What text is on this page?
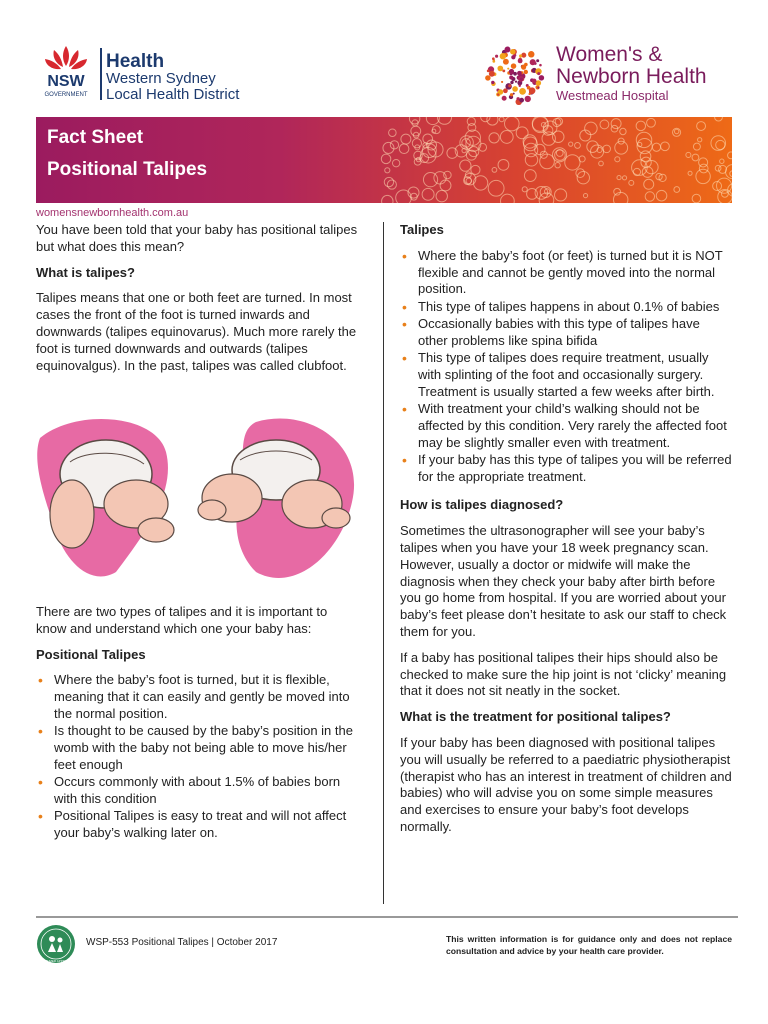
NSW
GOVERNMENT
Health
Western Sydney
Local Health District
Women's &
Newborn Health
Westmead Hospital
Fact Sheet
Positional Talipes
womensnewbornhealth.com.au

You have been told that your baby has positional talipes but what does this mean?

What is talipes?

Talipes means that one or both feet are turned. In most cases the front of the foot is turned inwards and downwards (talipes equinovarus). Much more rarely the foot is turned downwards and outwards (talipes equinovalgus). In the past, talipes was called clubfoot.

There are two types of talipes and it is important to know and understand which one your baby has:

Positional Talipes
• Where the baby’s foot is turned, but it is flexible, meaning that it can easily and gently be moved into the normal position.
• Is thought to be caused by the baby’s position in the womb with the baby not being able to move his/her feet enough
• Occurs commonly with about 1.5% of babies born with this condition
• Positional Talipes is easy to treat and will not affect your baby’s walking later on.
Talipes
• Where the baby’s foot (or feet) is turned but it is NOT flexible and cannot be gently moved into the normal position.
• This type of talipes happens in about 0.1% of babies
• Occasionally babies with this type of talipes have other problems like spina bifida
• This type of talipes does require treatment, usually with splinting of the foot and occasionally surgery. Treatment is usually started a few weeks after birth.
• With treatment your child’s walking should not be affected by this condition. Very rarely the affected foot may be slightly smaller even with treatment.
• If your baby has this type of talipes you will be referred for the appropriate treatment.
How is talipes diagnosed?

Sometimes the ultrasonographer will see your baby’s talipes when you have your 18 week pregnancy scan. However, usually a doctor or midwife will make the diagnosis when they check your baby after birth before you go home from hospital. If you are worried about your baby’s feet please don’t hesitate to ask our staff to check them for you.

If a baby has positional talipes their hips should also be checked to make sure the hip joint is not ‘clicky’ meaning that it does not sit neatly in the socket.

What is the treatment for positional talipes?

If your baby has been diagnosed with positional talipes you will usually be referred to a paediatric physiotherapist (therapist who has an interest in treatment of children and babies) who will advise you on some simple measures and exercises to ensure your baby’s foot develops normally.

CONSUMER APPROVED
WSP-553 Positional Talipes | October 2017	This written information is for guidance only and does not replace consultation and advice by your health care provider.
